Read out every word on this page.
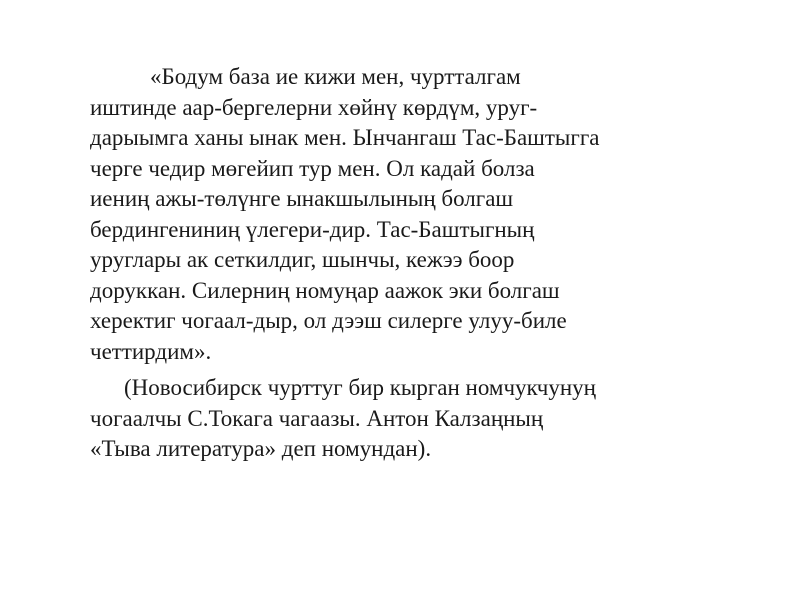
«Бодум база ие кижи мен, чуртталгам
иштинде аар-бергелерни хөйнү көрдүм, уруг-
дарыымга ханы ынак мен. Ынчангаш Тас-Баштыгга
черге чедир мөгейип тур мен. Ол кадай болза
иениң ажы-төлүнге ынакшылының болгаш
бердингениниң үлегери-дир. Тас-Баштыгның
уруглары ак сеткилдиг, шынчы, кежээ боор
доруккан. Силерниң номуңар аажок эки болгаш
херектиг чогаал-дыр, ол дээш силерге улуу-биле
четтирдим».
(Новосибирск чурттуг бир кырган номчукчунуң
чогаалчы С.Токага чагаазы. Антон Калзаңның
«Тыва литература» деп номундан).
